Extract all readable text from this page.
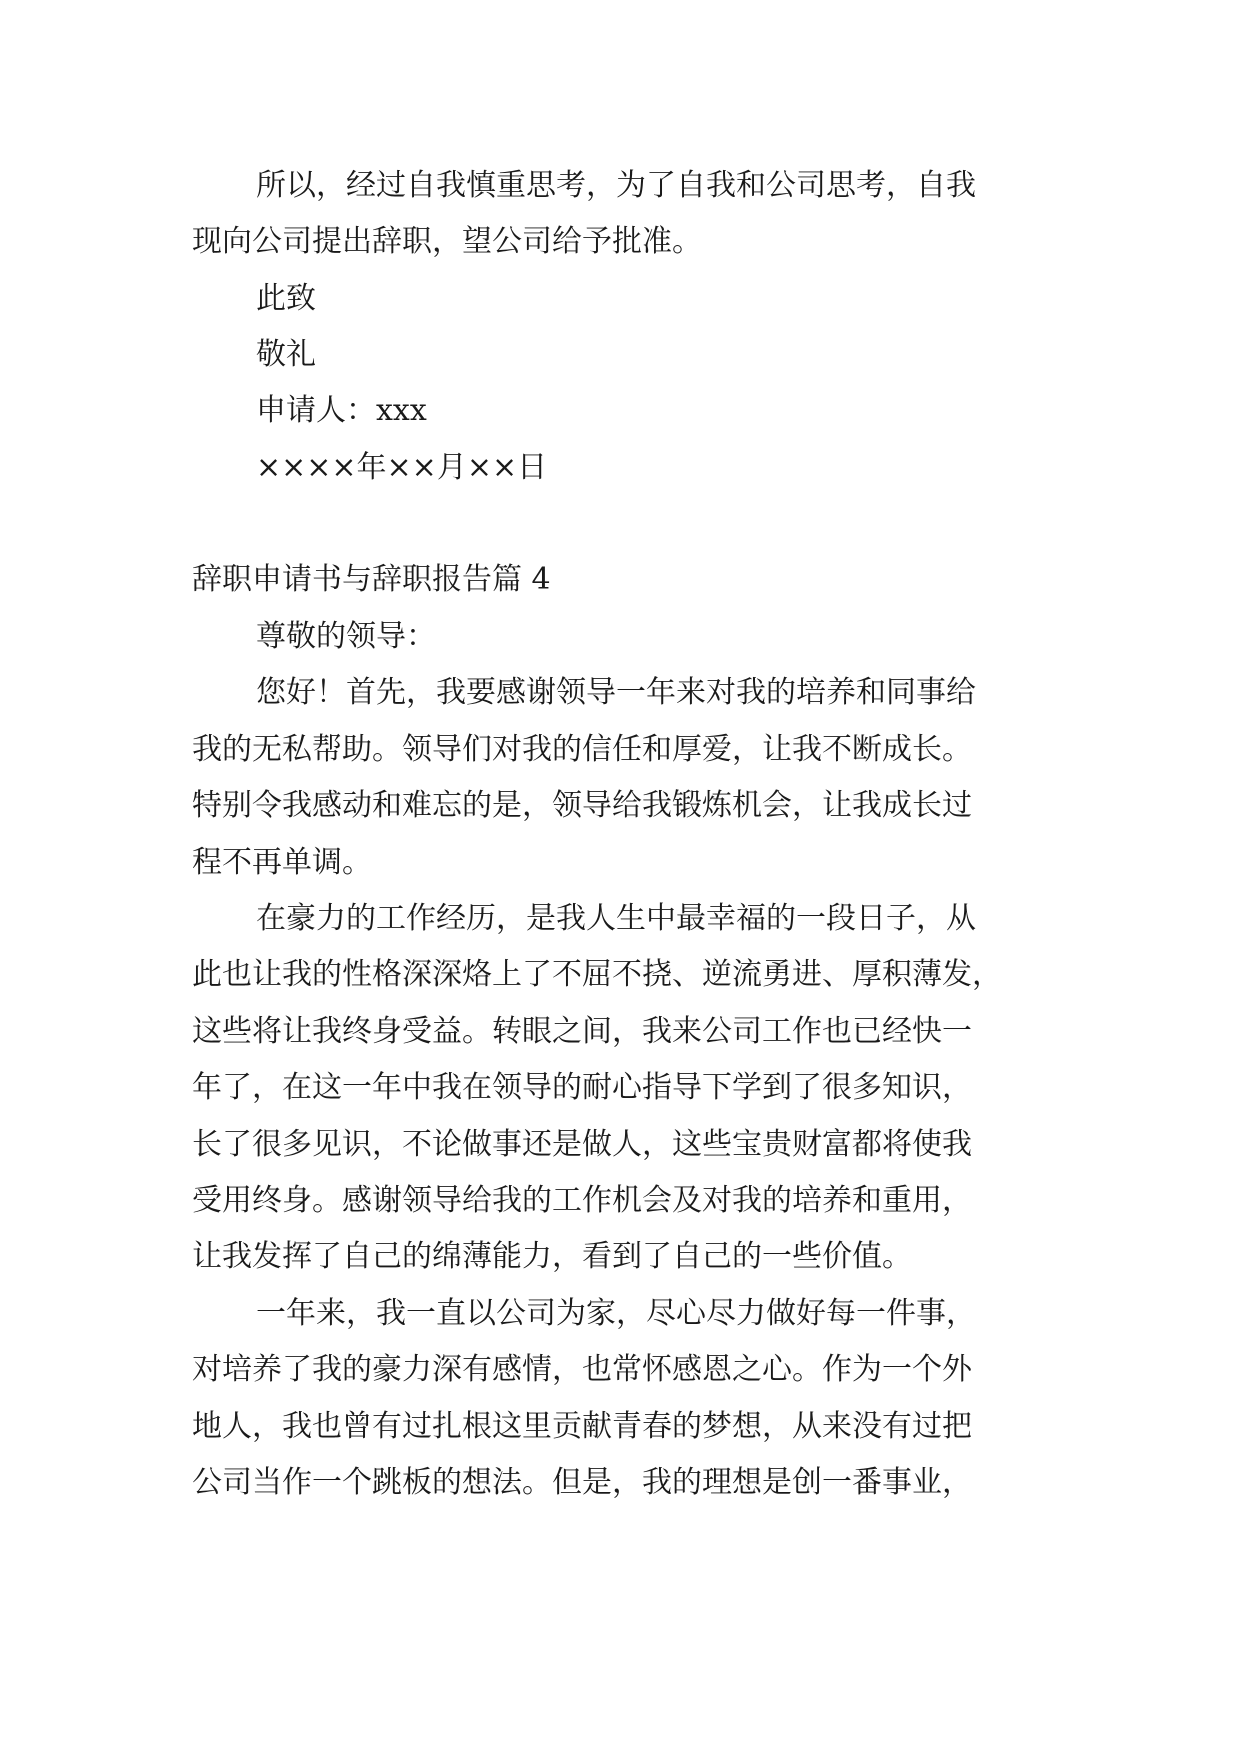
所以，经过自我慎重思考，为了自我和公司思考，自我
现向公司提出辞职，望公司给予批准。
此致
敬礼
申请人：xxx
××××年××月××日
辞职申请书与辞职报告篇 4
尊敬的领导：
您好！首先，我要感谢领导一年来对我的培养和同事给
我的无私帮助。领导们对我的信任和厚爱，让我不断成长。
特别令我感动和难忘的是，领导给我锻炼机会，让我成长过
程不再单调。
在豪力的工作经历，是我人生中最幸福的一段日子，从
此也让我的性格深深烙上了不屈不挠、逆流勇进、厚积薄发，
这些将让我终身受益。转眼之间，我来公司工作也已经快一
年了，在这一年中我在领导的耐心指导下学到了很多知识，
长了很多见识，不论做事还是做人，这些宝贵财富都将使我
受用终身。感谢领导给我的工作机会及对我的培养和重用，
让我发挥了自己的绵薄能力，看到了自己的一些价值。
一年来，我一直以公司为家，尽心尽力做好每一件事，
对培养了我的豪力深有感情，也常怀感恩之心。作为一个外
地人，我也曾有过扎根这里贡献青春的梦想，从来没有过把
公司当作一个跳板的想法。但是，我的理想是创一番事业，
